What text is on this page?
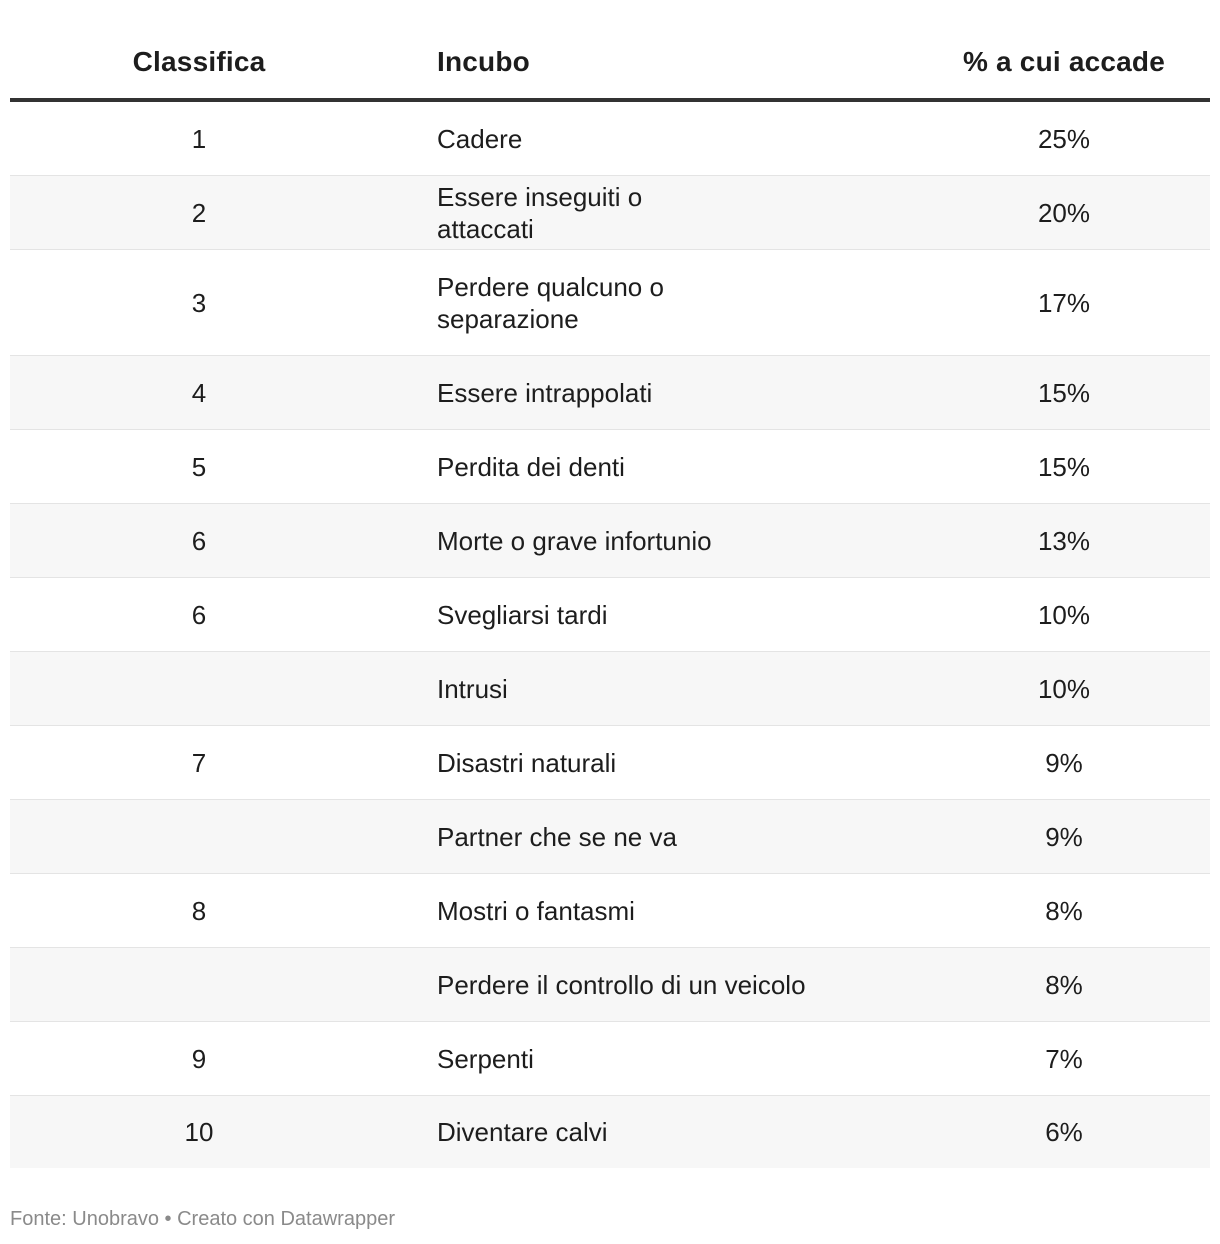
Classifica	Incubo	% a cui accade
1	Cadere	25%
2	Essere inseguiti o attaccati	20%
3	Perdere qualcuno o separazione	17%
4	Essere intrappolati	15%
5	Perdita dei denti	15%
6	Morte o grave infortunio	13%
6	Svegliarsi tardi	10%
	Intrusi	10%
7	Disastri naturali	9%
	Partner che se ne va	9%
8	Mostri o fantasmi	8%
	Perdere il controllo di un veicolo	8%
9	Serpenti	7%
10	Diventare calvi	6%
Fonte: Unobravo • Creato con Datawrapper
